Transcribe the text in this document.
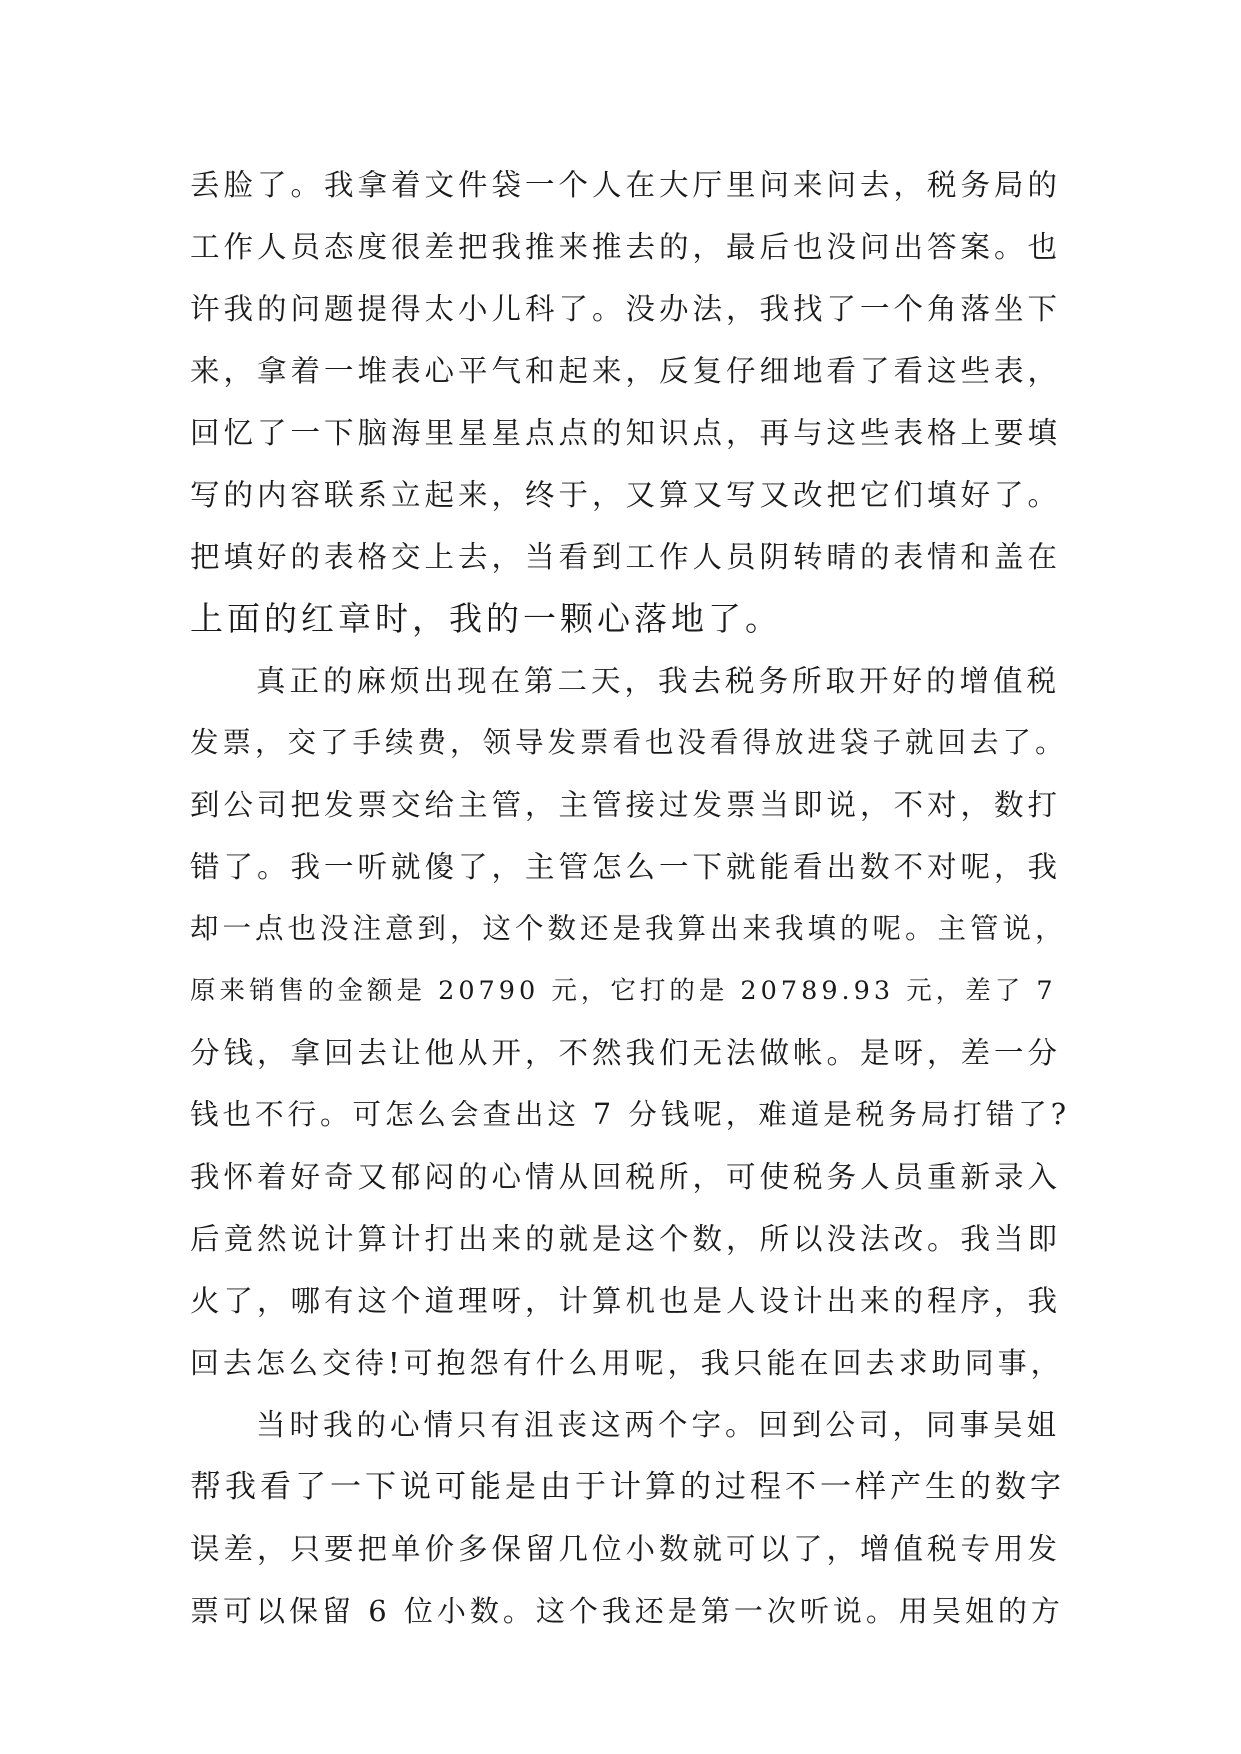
丢脸了。我拿着文件袋一个人在大厅里问来问去，税务局的
工作人员态度很差把我推来推去的，最后也没问出答案。也
许我的问题提得太小儿科了。没办法，我找了一个角落坐下
来，拿着一堆表心平气和起来，反复仔细地看了看这些表，
回忆了一下脑海里星星点点的知识点，再与这些表格上要填
写的内容联系立起来，终于，又算又写又改把它们填好了。
把填好的表格交上去，当看到工作人员阴转晴的表情和盖在
上面的红章时，我的一颗心落地了。
真正的麻烦出现在第二天，我去税务所取开好的增值税
发票，交了手续费，领导发票看也没看得放进袋子就回去了。
到公司把发票交给主管，主管接过发票当即说，不对，数打
错了。我一听就傻了，主管怎么一下就能看出数不对呢，我
却一点也没注意到，这个数还是我算出来我填的呢。主管说，
原来销售的金额是 20790 元，它打的是 20789.93 元，差了 7
分钱，拿回去让他从开，不然我们无法做帐。是呀，差一分
钱也不行。可怎么会查出这 7 分钱呢，难道是税务局打错了?
我怀着好奇又郁闷的心情从回税所，可使税务人员重新录入
后竟然说计算计打出来的就是这个数，所以没法改。我当即
火了，哪有这个道理呀，计算机也是人设计出来的程序，我
回去怎么交待!可抱怨有什么用呢，我只能在回去求助同事，
当时我的心情只有沮丧这两个字。回到公司，同事吴姐
帮我看了一下说可能是由于计算的过程不一样产生的数字
误差，只要把单价多保留几位小数就可以了，增值税专用发
票可以保留 6 位小数。这个我还是第一次听说。用吴姐的方
